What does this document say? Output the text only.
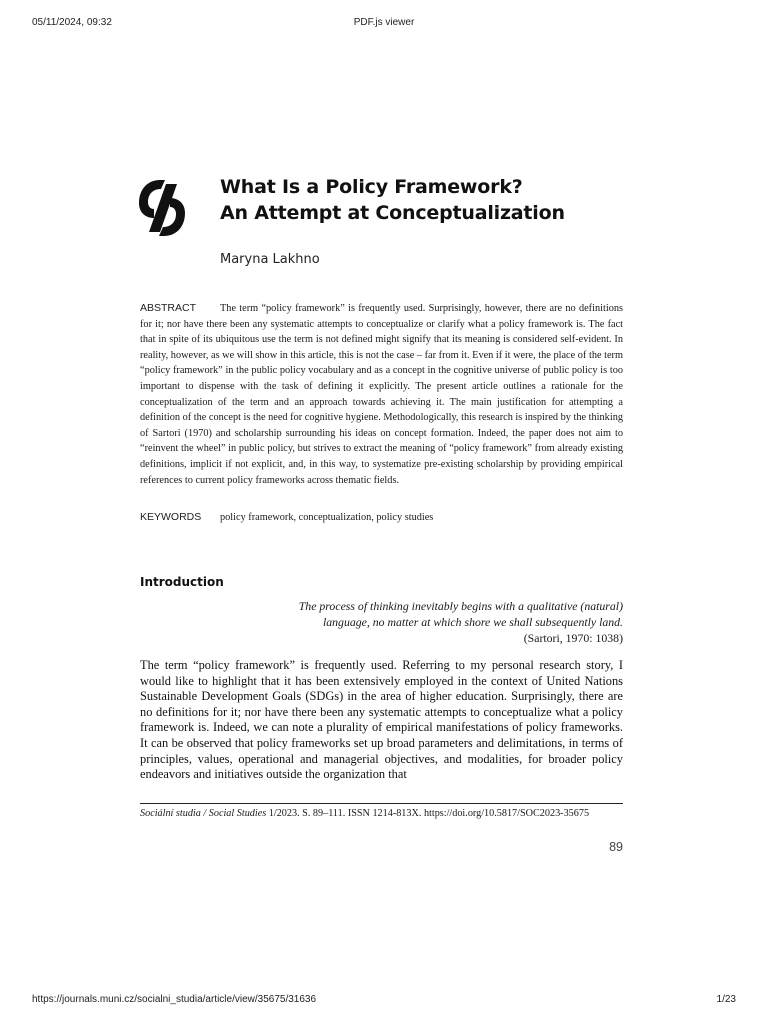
05/11/2024, 09:32	PDF.js viewer
What Is a Policy Framework?
An Attempt at Conceptualization
Maryna Lakhno
ABSTRACT The term “policy framework” is frequently used. Surprisingly, however, there are no definitions for it; nor have there been any systematic attempts to conceptualize or clarify what a policy framework is. The fact that in spite of its ubiquitous use the term is not defined might signify that its meaning is considered self-evident. In reality, however, as we will show in this article, this is not the case – far from it. Even if it were, the place of the term “policy framework” in the public policy vocabulary and as a concept in the cognitive universe of public policy is too important to dispense with the task of defining it explicitly. The present article outlines a rationale for the conceptualization of the term and an approach towards achieving it. The main justification for attempting a definition of the concept is the need for cognitive hygiene. Methodologically, this research is inspired by the thinking of Sartori (1970) and scholarship surrounding his ideas on concept formation. Indeed, the paper does not aim to “reinvent the wheel” in public policy, but strives to extract the meaning of “policy framework” from already existing definitions, implicit if not explicit, and, in this way, to systematize pre-existing scholarship by providing empirical references to current policy frameworks across thematic fields.
KEYWORDS policy framework, conceptualization, policy studies
Introduction
The process of thinking inevitably begins with a qualitative (natural)
language, no matter at which shore we shall subsequently land.
(Sartori, 1970: 1038)
The term “policy framework” is frequently used. Referring to my personal research story, I would like to highlight that it has been extensively employed in the context of United Nations Sustainable Development Goals (SDGs) in the area of higher education. Surprisingly, there are no definitions for it; nor have there been any systematic attempts to conceptualize what a policy framework is. Indeed, we can note a plurality of empirical manifestations of policy frameworks. It can be observed that policy frameworks set up broad parameters and delimitations, in terms of principles, values, operational and managerial objectives, and modalities, for broader policy endeavors and initiatives outside the organization that
Sociální studia / Social Studies 1/2023. S. 89–111. ISSN 1214-813X. https://doi.org/10.5817/SOC2023-35675
89
https://journals.muni.cz/socialni_studia/article/view/35675/31636	1/23
